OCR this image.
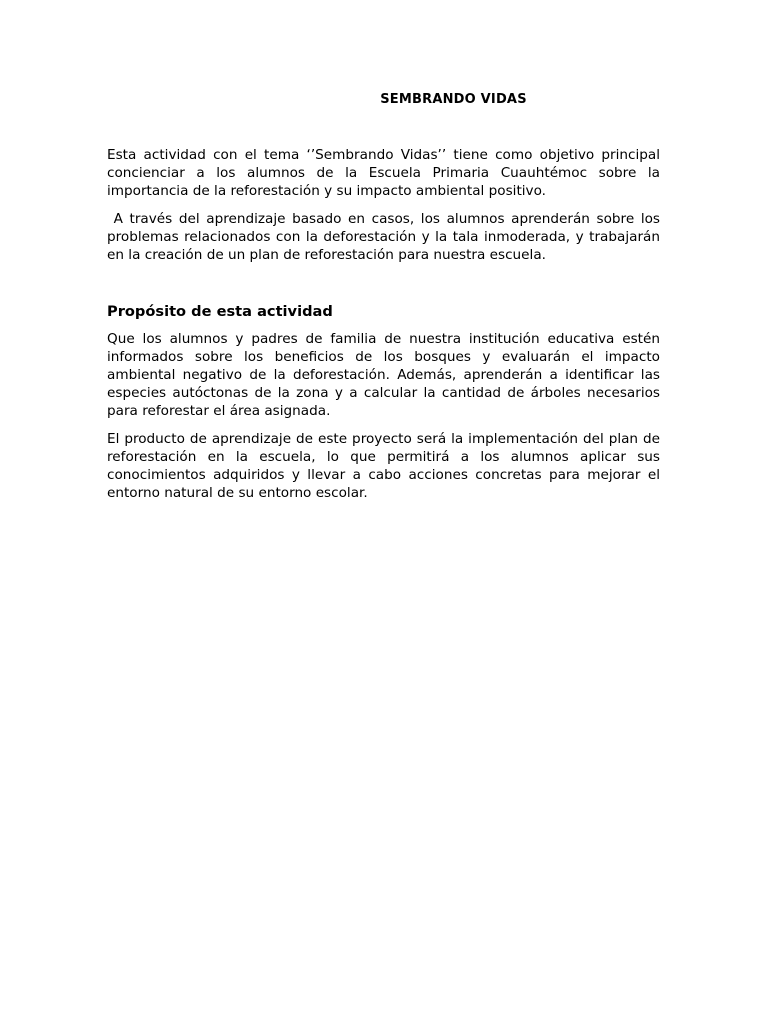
SEMBRANDO VIDAS

Esta actividad con el tema ‘’Sembrando Vidas’’ tiene como objetivo principal concienciar a los alumnos de la Escuela Primaria Cuauhtémoc sobre la importancia de la reforestación y su impacto ambiental positivo.

A través del aprendizaje basado en casos, los alumnos aprenderán sobre los problemas relacionados con la deforestación y la tala inmoderada, y trabajarán en la creación de un plan de reforestación para nuestra escuela.

Propósito de esta actividad

Que los alumnos y padres de familia de nuestra institución educativa estén informados sobre los beneficios de los bosques y evaluarán el impacto ambiental negativo de la deforestación. Además, aprenderán a identificar las especies autóctonas de la zona y a calcular la cantidad de árboles necesarios para reforestar el área asignada.

El producto de aprendizaje de este proyecto será la implementación del plan de reforestación en la escuela, lo que permitirá a los alumnos aplicar sus conocimientos adquiridos y llevar a cabo acciones concretas para mejorar el entorno natural de su entorno escolar.
